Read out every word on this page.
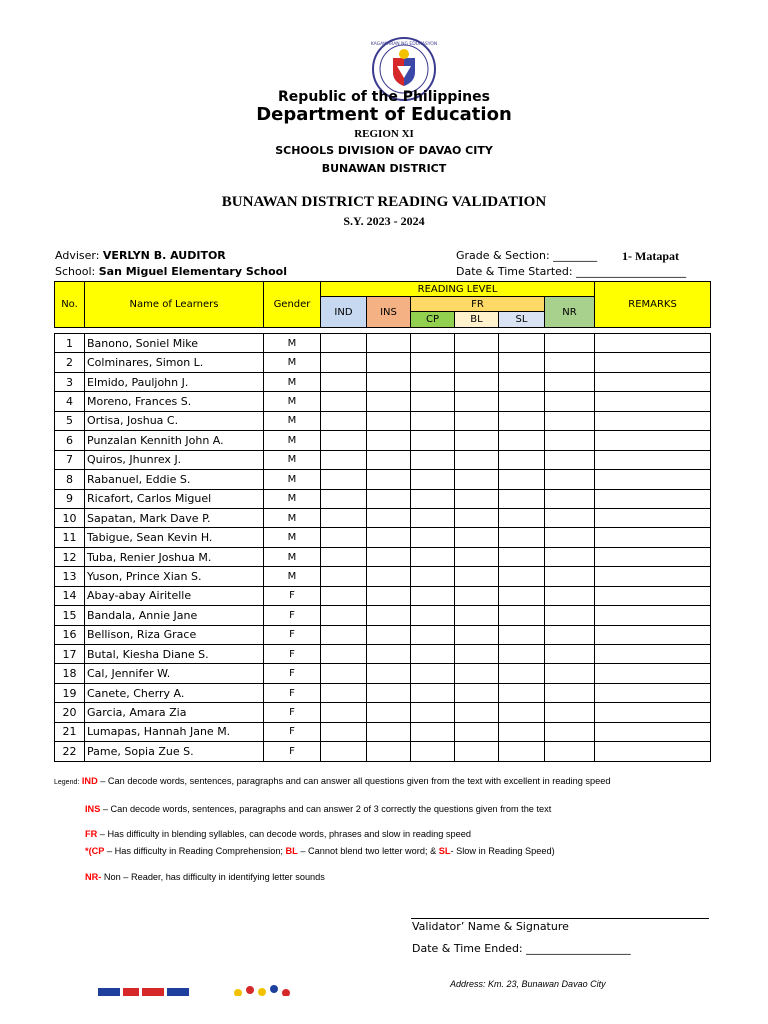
KAGAWARAN NG EDUKASYON
Republic of the Philippines
Department of Education
REGION XI
SCHOOLS DIVISION OF DAVAO CITY
BUNAWAN DISTRICT
BUNAWAN DISTRICT READING VALIDATION
S.Y. 2023 - 2024
Adviser: VERLYN B. AUDITOR
School: San Miguel Elementary School
Grade & Section: ________ 1- Matapat
Date & Time Started: ____________________
No.	Name of Learners	Gender	READING LEVEL						REMARKS
			IND	INS	FR			NR	
					CP	BL	SL		

1	Banono, Soniel Mike	M							
2	Colminares, Simon L.	M							
3	Elmido, Pauljohn J.	M							
4	Moreno, Frances S.	M							
5	Ortisa, Joshua C.	M							
6	Punzalan Kennith John A.	M							
7	Quiros, Jhunrex J.	M							
8	Rabanuel, Eddie S.	M							
9	Ricafort, Carlos Miguel	M							
10	Sapatan, Mark Dave P.	M							
11	Tabigue, Sean Kevin H.	M							
12	Tuba, Renier Joshua M.	M							
13	Yuson, Prince Xian S.	M							
14	Abay-abay Airitelle	F							
15	Bandala, Annie Jane	F							
16	Bellison, Riza Grace	F							
17	Butal, Kiesha Diane S.	F							
18	Cal, Jennifer W.	F							
19	Canete, Cherry A.	F							
20	Garcia, Amara Zia	F							
21	Lumapas, Hannah Jane M.	F							
22	Pame, Sopia Zue S.	F							
Legend: IND – Can decode words, sentences, paragraphs and can answer all questions given from the text with excellent in reading speed
INS – Can decode words, sentences, paragraphs and can answer 2 of 3 correctly the questions given from the text
FR – Has difficulty in blending syllables, can decode words, phrases and slow in reading speed
*(CP – Has difficulty in Reading Comprehension; BL – Cannot blend two letter word; & SL- Slow in Reading Speed)
NR- Non – Reader, has difficulty in identifying letter sounds
Validator’ Name & Signature
Date & Time Ended: ___________________
Address: Km. 23, Bunawan Davao City
